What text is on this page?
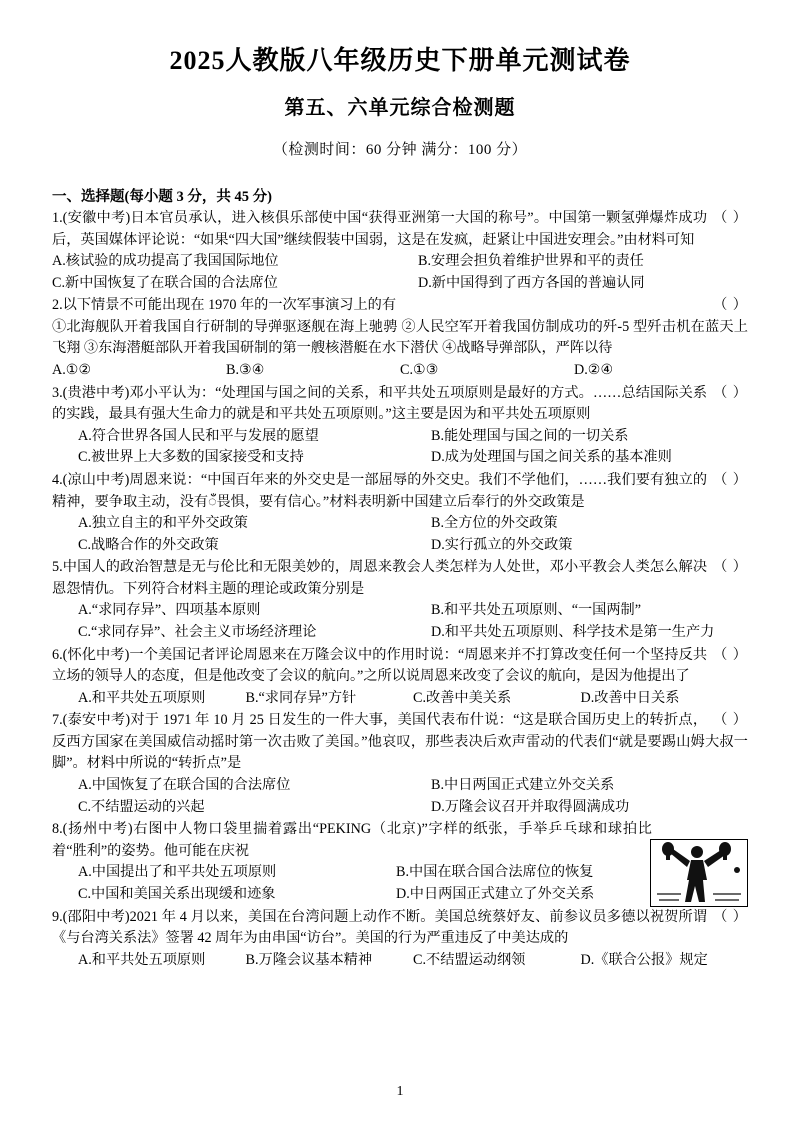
2025人教版八年级历史下册单元测试卷
第五、六单元综合检测题
（检测时间：60 分钟 满分：100 分）
一、选择题(每小题 3 分，共 45 分)
（ ）
1.(安徽中考)日本官员承认，进入核俱乐部使中国“获得亚洲第一大国的称号”。中国第一颗氢弹爆炸成功后，英国媒体评论说：“如果“四大国”继续假装中国弱，这是在发疯，赶紧让中国进安理会。”由材料可知
A.核试验的成功提高了我国国际地位	B.安理会担负着维护世界和平的责任
C.新中国恢复了在联合国的合法席位	D.新中国得到了西方各国的普遍认同
（ ）
2.以下情景不可能出现在 1970 年的一次军事演习上的有
①北海舰队开着我国自行研制的导弹驱逐舰在海上驰骋 ②人民空军开着我国仿制成功的歼-5 型歼击机在蓝天上飞翔 ③东海潜艇部队开着我国研制的第一艘核潜艇在水下潜伏 ④战略导弹部队，严阵以待
A.①②	B.③④	C.①③	D.②④
（ ）
3.(贵港中考)邓小平认为：“处理国与国之间的关系，和平共处五项原则是最好的方式。……总结国际关系的实践，最具有强大生命力的就是和平共处五项原则。”这主要是因为和平共处五项原则
A.符合世界各国人民和平与发展的愿望	B.能处理国与国之间的一切关系
C.被世界上大多数的国家接受和支持	D.成为处理国与国之间关系的基本准则
（ ）
4.(凉山中考)周恩来说：“中国百年来的外交史是一部屈辱的外交史。我们不学他们，……我们要有独立的精神，要争取主动，没有ँ畏惧，要有信心。”材料表明新中国建立后奉行的外交政策是
A.独立自主的和平外交政策	B.全方位的外交政策
C.战略合作的外交政策	D.实行孤立的外交政策
（ ）
5.中国人的政治智慧是无与伦比和无限美妙的，周恩来教会人类怎样为人处世，邓小平教会人类怎么解决恩怨情仇。下列符合材料主题的理论或政策分别是
A.“求同存异”、四项基本原则	B.和平共处五项原则、“一国两制”
C.“求同存异”、社会主义市场经济理论	D.和平共处五项原则、科学技术是第一生产力
（ ）
6.(怀化中考)一个美国记者评论周恩来在万隆会议中的作用时说：“周恩来并不打算改变任何一个坚持反共立场的领导人的态度，但是他改变了会议的航向。”之所以说周恩来改变了会议的航向，是因为他提出了
A.和平共处五项原则	B.“求同存异”方针	C.改善中美关系	D.改善中日关系
（ ）
7.(泰安中考)对于 1971 年 10 月 25 日发生的一件大事，美国代表布什说：“这是联合国历史上的转折点，反西方国家在美国威信动摇时第一次击败了美国。”他哀叹，那些表决后欢声雷动的代表们“就是要踢山姆大叔一脚”。材料中所说的“转折点”是
A.中国恢复了在联合国的合法席位	B.中日两国正式建立外交关系
C.不结盟运动的兴起	D.万隆会议召开并取得圆满成功
8.(扬州中考)右图中人物口袋里揣着露出“PEKING（北京)”字样的纸张，手举乒乓球和球拍比着“胜利”的姿势。他可能在庆祝
A.中国提出了和平共处五项原则	B.中国在联合国合法席位的恢复
C.中国和美国关系出现缓和迹象	D.中日两国正式建立了外交关系
（ ）
9.(邵阳中考)2021 年 4 月以来，美国在台湾问题上动作不断。美国总统蔡妤友、前参议员多德以祝贺所谓《与台湾关系法》签署 42 周年为由串国“访台”。美国的行为严重违反了中美达成的
A.和平共处五项原则	B.万隆会议基本精神	C.不结盟运动纲领	D.《联合公报》规定
1
